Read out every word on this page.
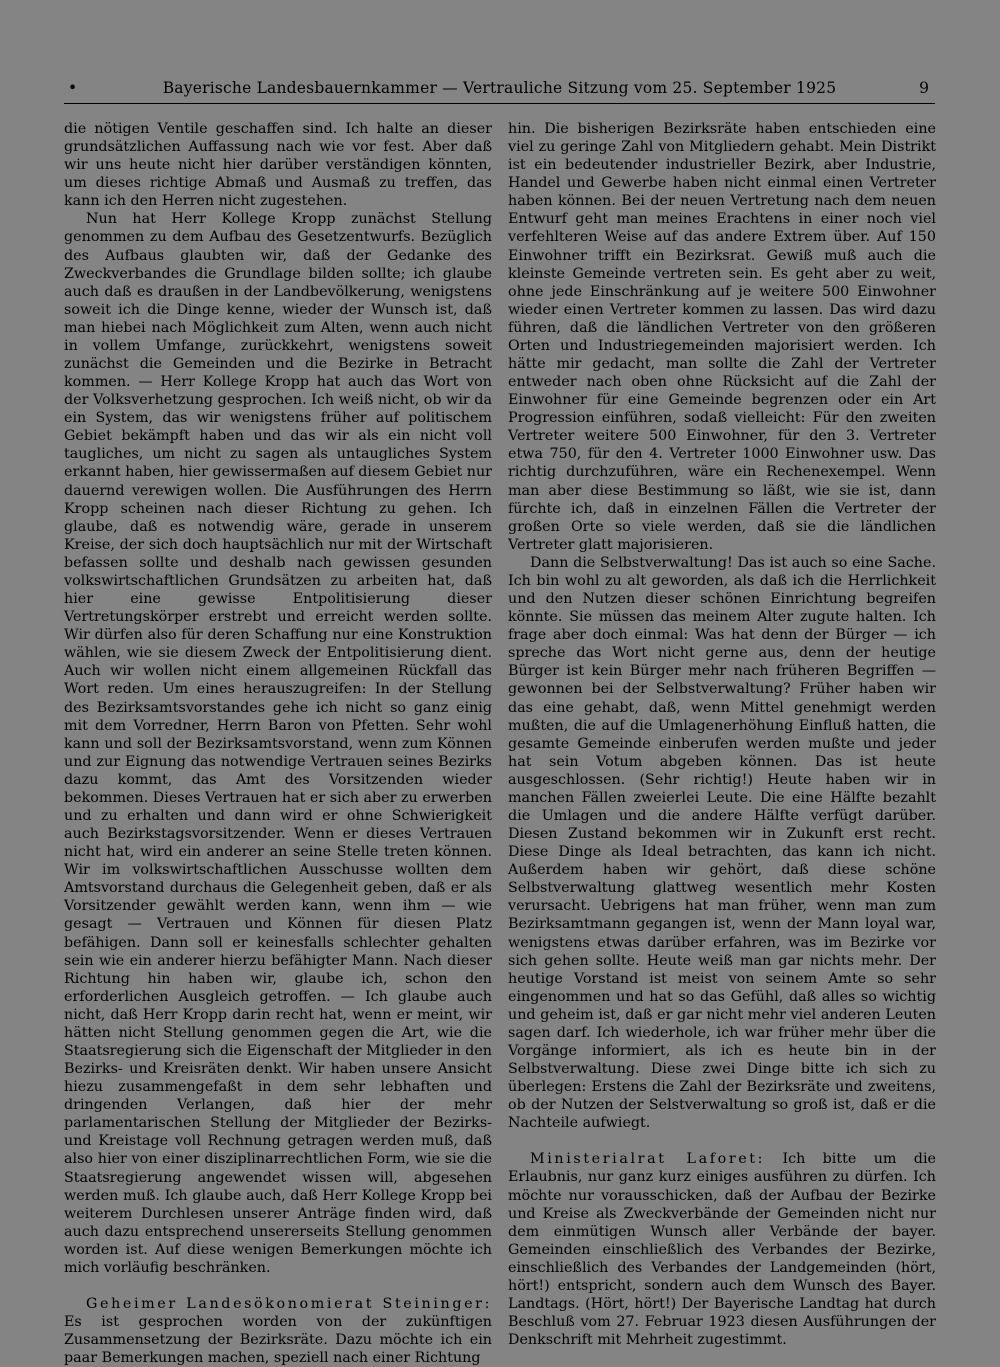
•	Bayerische Landesbauernkammer — Vertrauliche Sitzung vom 25. September 1925	9

die nötigen Ventile geschaffen sind. Ich halte an dieser grundsätzlichen Auffassung nach wie vor fest. Aber daß wir uns heute nicht hier darüber verständigen könnten, um dieses richtige Abmaß und Ausmaß zu treffen, das kann ich den Herren nicht zugestehen.

Nun hat Herr Kollege Kropp zunächst Stellung genommen zu dem Aufbau des Gesetzentwurfs. Bezüglich des Aufbaus glaubten wir, daß der Gedanke des Zweckverbandes die Grundlage bilden sollte; ich glaube auch daß es draußen in der Landbevölkerung, wenigstens soweit ich die Dinge kenne, wieder der Wunsch ist, daß man hiebei nach Möglichkeit zum Alten, wenn auch nicht in vollem Umfange, zurückkehrt, wenigstens soweit zunächst die Gemeinden und die Bezirke in Betracht kommen. — Herr Kollege Kropp hat auch das Wort von der Volksverhetzung gesprochen. Ich weiß nicht, ob wir da ein System, das wir wenigstens früher auf politischem Gebiet bekämpft haben und das wir als ein nicht voll taugliches, um nicht zu sagen als untaugliches System erkannt haben, hier gewissermaßen auf diesem Gebiet nur dauernd verewigen wollen. Die Ausführungen des Herrn Kropp scheinen nach dieser Richtung zu gehen. Ich glaube, daß es notwendig wäre, gerade in unserem Kreise, der sich doch hauptsächlich nur mit der Wirtschaft befassen sollte und deshalb nach gewissen gesunden volkswirtschaftlichen Grundsätzen zu arbeiten hat, daß hier eine gewisse Entpolitisierung dieser Vertretungskörper erstrebt und erreicht werden sollte. Wir dürfen also für deren Schaffung nur eine Konstruktion wählen, wie sie diesem Zweck der Entpolitisierung dient. Auch wir wollen nicht einem allgemeinen Rückfall das Wort reden. Um eines herauszugreifen: In der Stellung des Bezirksamtsvorstandes gehe ich nicht so ganz einig mit dem Vorredner, Herrn Baron von Pfetten. Sehr wohl kann und soll der Bezirksamtsvorstand, wenn zum Können und zur Eignung das notwendige Vertrauen seines Bezirks dazu kommt, das Amt des Vorsitzenden wieder bekommen. Dieses Vertrauen hat er sich aber zu erwerben und zu erhalten und dann wird er ohne Schwierigkeit auch Bezirkstagsvorsitzender. Wenn er dieses Vertrauen nicht hat, wird ein anderer an seine Stelle treten können. Wir im volkswirtschaftlichen Ausschusse wollten dem Amtsvorstand durchaus die Gelegenheit geben, daß er als Vorsitzender gewählt werden kann, wenn ihm — wie gesagt — Vertrauen und Können für diesen Platz befähigen. Dann soll er keinesfalls schlechter gehalten sein wie ein anderer hierzu befähigter Mann. Nach dieser Richtung hin haben wir, glaube ich, schon den erforderlichen Ausgleich getroffen. — Ich glaube auch nicht, daß Herr Kropp darin recht hat, wenn er meint, wir hätten nicht Stellung genommen gegen die Art, wie die Staatsregierung sich die Eigenschaft der Mitglieder in den Bezirks- und Kreisräten denkt. Wir haben unsere Ansicht hiezu zusammengefaßt in dem sehr lebhaften und dringenden Verlangen, daß hier der mehr parlamentarischen Stellung der Mitglieder der Bezirks- und Kreistage voll Rechnung getragen werden muß, daß also hier von einer disziplinarrechtlichen Form, wie sie die Staatsregierung angewendet wissen will, abgesehen werden muß. Ich glaube auch, daß Herr Kollege Kropp bei weiterem Durchlesen unserer Anträge finden wird, daß auch dazu entsprechend unsererseits Stellung genommen worden ist. Auf diese wenigen Bemerkungen möchte ich mich vorläufig beschränken.

Geheimer Landesökonomierat Steininger: Es ist gesprochen worden von der zukünftigen Zusammensetzung der Bezirksräte. Dazu möchte ich ein paar Bemerkungen machen, speziell nach einer Richtung

hin. Die bisherigen Bezirksräte haben entschieden eine viel zu geringe Zahl von Mitgliedern gehabt. Mein Distrikt ist ein bedeutender industrieller Bezirk, aber Industrie, Handel und Gewerbe haben nicht einmal einen Vertreter haben können. Bei der neuen Vertretung nach dem neuen Entwurf geht man meines Erachtens in einer noch viel verfehlteren Weise auf das andere Extrem über. Auf 150 Einwohner trifft ein Bezirksrat. Gewiß muß auch die kleinste Gemeinde vertreten sein. Es geht aber zu weit, ohne jede Einschränkung auf je weitere 500 Einwohner wieder einen Vertreter kommen zu lassen. Das wird dazu führen, daß die ländlichen Vertreter von den größeren Orten und Industriegemeinden majorisiert werden. Ich hätte mir gedacht, man sollte die Zahl der Vertreter entweder nach oben ohne Rücksicht auf die Zahl der Einwohner für eine Gemeinde begrenzen oder ein Art Progression einführen, sodaß vielleicht: Für den zweiten Vertreter weitere 500 Einwohner, für den 3. Vertreter etwa 750, für den 4. Vertreter 1000 Einwohner usw. Das richtig durchzuführen, wäre ein Rechenexempel. Wenn man aber diese Bestimmung so läßt, wie sie ist, dann fürchte ich, daß in einzelnen Fällen die Vertreter der großen Orte so viele werden, daß sie die ländlichen Vertreter glatt majorisieren.

Dann die Selbstverwaltung! Das ist auch so eine Sache. Ich bin wohl zu alt geworden, als daß ich die Herrlichkeit und den Nutzen dieser schönen Einrichtung begreifen könnte. Sie müssen das meinem Alter zugute halten. Ich frage aber doch einmal: Was hat denn der Bürger — ich spreche das Wort nicht gerne aus, denn der heutige Bürger ist kein Bürger mehr nach früheren Begriffen — gewonnen bei der Selbstverwaltung? Früher haben wir das eine gehabt, daß, wenn Mittel genehmigt werden mußten, die auf die Umlagenerhöhung Einfluß hatten, die gesamte Gemeinde einberufen werden mußte und jeder hat sein Votum abgeben können. Das ist heute ausgeschlossen. (Sehr richtig!) Heute haben wir in manchen Fällen zweierlei Leute. Die eine Hälfte bezahlt die Umlagen und die andere Hälfte verfügt darüber. Diesen Zustand bekommen wir in Zukunft erst recht. Diese Dinge als Ideal betrachten, das kann ich nicht. Außerdem haben wir gehört, daß diese schöne Selbstverwaltung glattweg wesentlich mehr Kosten verursacht. Uebrigens hat man früher, wenn man zum Bezirksamtmann gegangen ist, wenn der Mann loyal war, wenigstens etwas darüber erfahren, was im Bezirke vor sich gehen sollte. Heute weiß man gar nichts mehr. Der heutige Vorstand ist meist von seinem Amte so sehr eingenommen und hat so das Gefühl, daß alles so wichtig und geheim ist, daß er gar nicht mehr viel anderen Leuten sagen darf. Ich wiederhole, ich war früher mehr über die Vorgänge informiert, als ich es heute bin in der Selbstverwaltung. Diese zwei Dinge bitte ich sich zu überlegen: Erstens die Zahl der Bezirksräte und zweitens, ob der Nutzen der Selstverwaltung so groß ist, daß er die Nachteile aufwiegt.

Ministerialrat Laforet: Ich bitte um die Erlaubnis, nur ganz kurz einiges ausführen zu dürfen. Ich möchte nur vorausschicken, daß der Aufbau der Bezirke und Kreise als Zweckverbände der Gemeinden nicht nur dem einmütigen Wunsch aller Verbände der bayer. Gemeinden einschließlich des Verbandes der Bezirke, einschließlich des Verbandes der Landgemeinden (hört, hört!) entspricht, sondern auch dem Wunsch des Bayer. Landtags. (Hört, hört!) Der Bayerische Landtag hat durch Beschluß vom 27. Februar 1923 diesen Ausführungen der Denkschrift mit Mehrheit zugestimmt.
